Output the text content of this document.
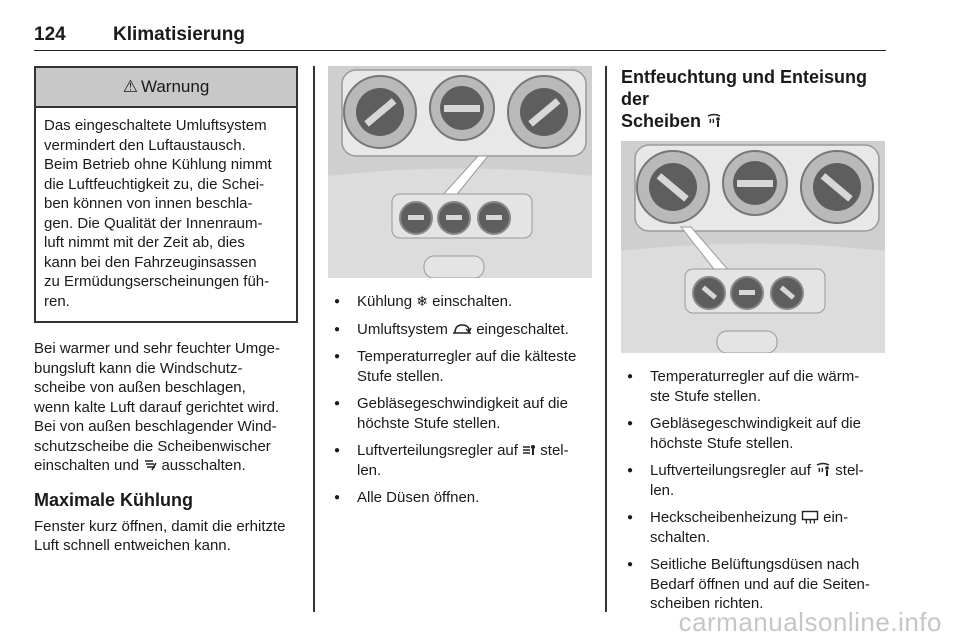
124 Klimatisierung
⚠ Warnung
Das eingeschaltete Umluftsystem
vermindert den Luftaustausch.
Beim Betrieb ohne Kühlung nimmt
die Luftfeuchtigkeit zu, die Schei-
ben können von innen beschla-
gen. Die Qualität der Innenraum-
luft nimmt mit der Zeit ab, dies
kann bei den Fahrzeuginsassen
zu Ermüdungserscheinungen füh-
ren.
Bei warmer und sehr feuchter Umge-
bungsluft kann die Windschutz-
scheibe von außen beschlagen,
wenn kalte Luft darauf gerichtet wird.
Bei von außen beschlagender Wind-
schutzscheibe die Scheibenwischer
einschalten und ausschalten.
Maximale Kühlung
Fenster kurz öffnen, damit die erhitzte
Luft schnell entweichen kann.
● Kühlung ❄ einschalten.
● Umluftsystem eingeschaltet.
● Temperaturregler auf die kälteste
Stufe stellen.
● Gebläsegeschwindigkeit auf die
höchste Stufe stellen.
● Luftverteilungsregler auf stel-
len.
● Alle Düsen öffnen.
Entfeuchtung und Enteisung der
Scheiben
● Temperaturregler auf die wärm-
ste Stufe stellen.
● Gebläsegeschwindigkeit auf die
höchste Stufe stellen.
● Luftverteilungsregler auf stel-
len.
● Heckscheibenheizung ein-
schalten.
● Seitliche Belüftungsdüsen nach
Bedarf öffnen und auf die Seiten-
scheiben richten.
carmanualsonline.info
